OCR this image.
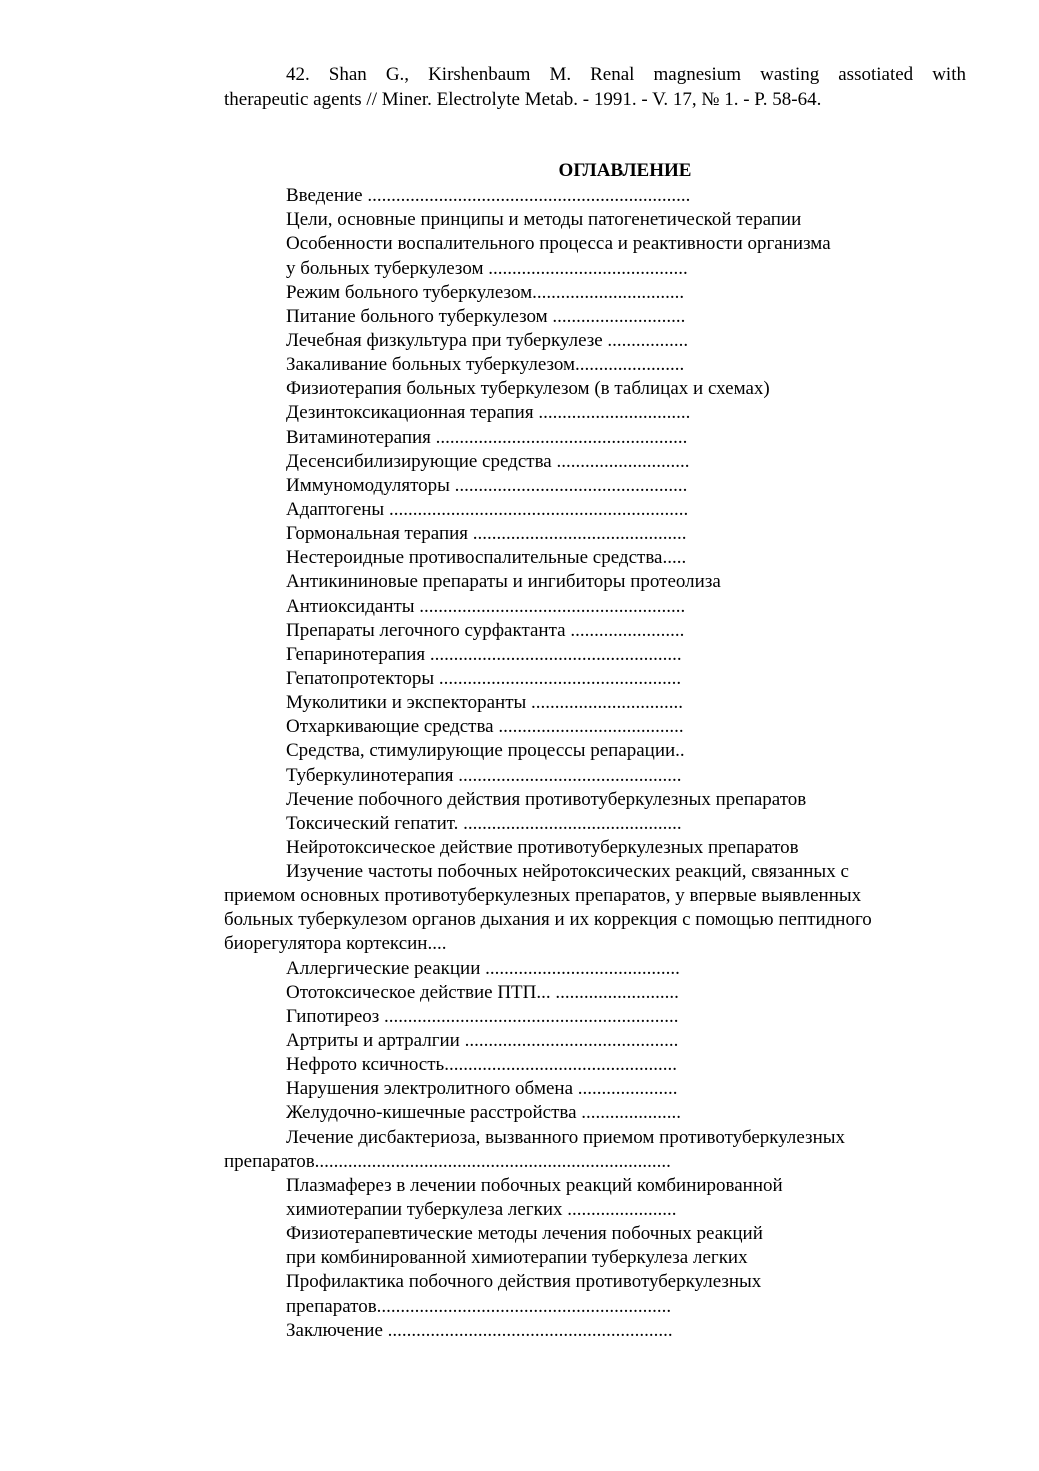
42. Shan G., Kirshenbaum M. Renal magnesium wasting assotiated with
therapeutic agents // Miner. Electrolyte Metab. - 1991. - V. 17, № 1. - P. 58-64.
ОГЛАВЛЕНИЕ
Введение ....................................................................
Цели, основные принципы и методы патогенетической терапии
Особенности воспалительного процесса и реактивности организма
у больных туберкулезом ..........................................
Режим больного туберкулезом................................
Питание больного туберкулезом ............................
Лечебная физкультура при туберкулезе .................
Закаливание больных туберкулезом.......................
Физиотерапия больных туберкулезом (в таблицах и схемах)
Дезинтоксикационная терапия ................................
Витаминотерапия .....................................................
Десенсибилизирующие средства ............................
Иммуномодуляторы .................................................
Адаптогены ...............................................................
Гормональная терапия .............................................
Нестероидные противоспалительные средства.....
Антикининовые препараты и ингибиторы протеолиза
Антиоксиданты ........................................................
Препараты легочного сурфактанта ........................
Гепаринотерапия .....................................................
Гепатопротекторы ...................................................
Муколитики и экспекторанты ................................
Отхаркивающие средства .......................................
Средства, стимулирующие процессы репарации..
Туберкулинотерапия ...............................................
Лечение побочного действия противотуберкулезных препаратов
Токсический гепатит. ..............................................
Нейротоксическое действие противотуберкулезных препаратов
Изучение частоты побочных нейротоксических реакций, связанных с
приемом основных противотуберкулезных препаратов, у впервые выявленных
больных туберкулезом органов дыхания и их коррекция с помощью пептидного
биорегулятора кортексин....
Аллергические реакции .........................................
Ототоксическое действие ПТП... ..........................
Гипотиреоз ..............................................................
Артриты и артралгии .............................................
Нефрото ксичность.................................................
Нарушения электролитного обмена .....................
Желудочно-кишечные расстройства .....................
Лечение дисбактериоза, вызванного приемом противотуберкулезных
препаратов...........................................................................
Плазмаферез в лечении побочных реакций комбинированной
химиотерапии туберкулеза легких .......................
Физиотерапевтические методы лечения побочных реакций
при комбинированной химиотерапии туберкулеза легких
Профилактика побочного действия противотуберкулезных
препаратов..............................................................
Заключение ............................................................
